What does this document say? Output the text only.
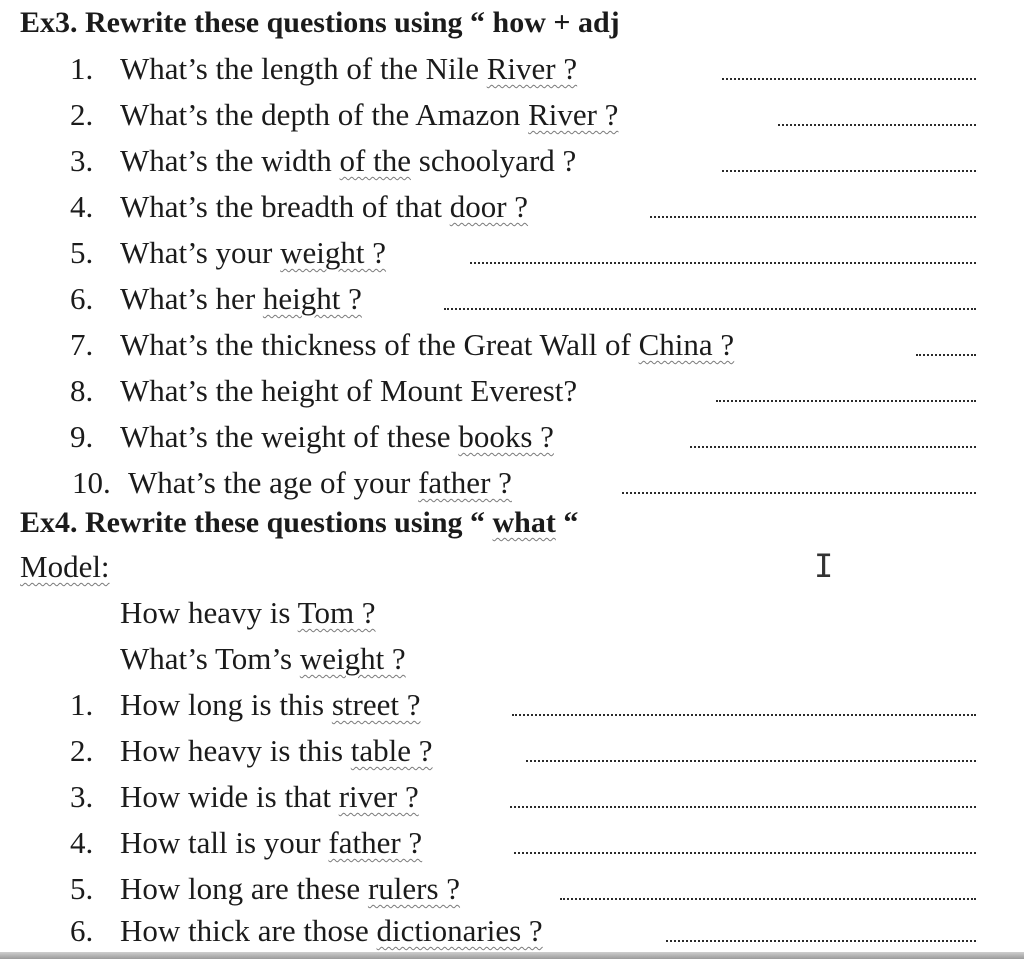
Ex3. Rewrite these questions using “ how + adj
1. What’s the length of the Nile River ?
2. What’s the depth of the Amazon River ?
3. What’s the width of the schoolyard ?
4. What’s the breadth of that door ?
5. What’s your weight ?
6. What’s her height ?
7. What’s the thickness of the Great Wall of China ?
8. What’s the height of Mount Everest?
9. What’s the weight of these books ?
10. What’s the age of your father ?
Ex4. Rewrite these questions using “ what “
Model:
How heavy is Tom ?
What’s Tom’s weight ?
1. How long is this street ?
2. How heavy is this table ?
3. How wide is that river ?
4. How tall is your father ?
5. How long are these rulers ?
6. How thick are those dictionaries ?
I
